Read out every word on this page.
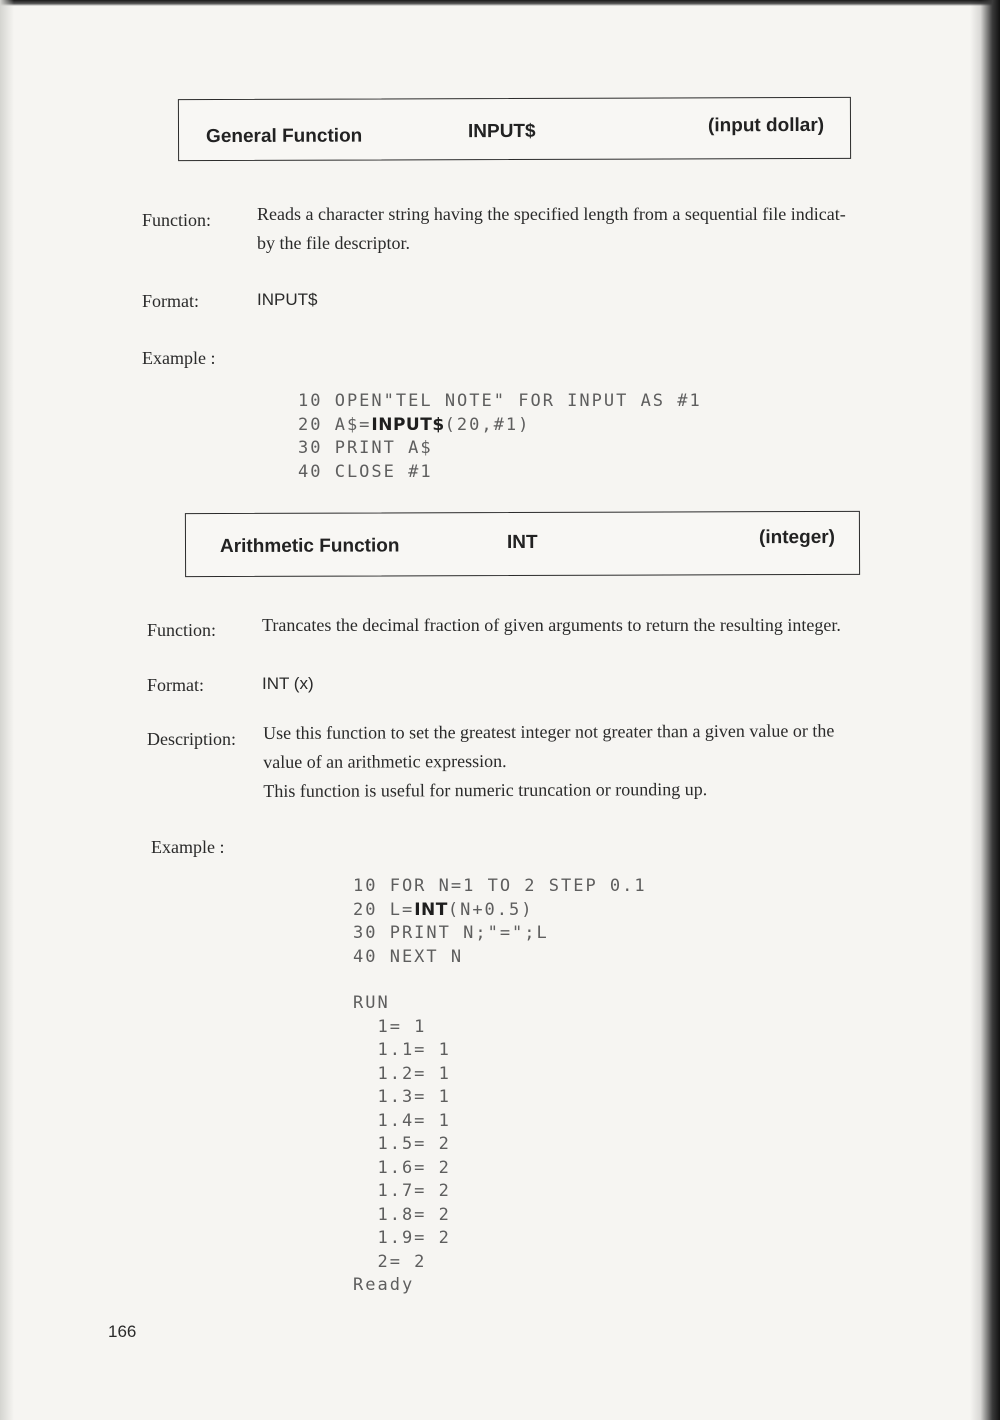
General Function	INPUT$	(input dollar)
Function:	Reads a character string having the specified length from a sequential file indicat-
by the file descriptor.
Format:	INPUT$
Example :
10 OPEN"TEL NOTE" FOR INPUT AS #1
20 A$=INPUT$(20,#1)
30 PRINT A$
40 CLOSE #1
Arithmetic Function	INT	(integer)
Function:	Trancates the decimal fraction of given arguments to return the resulting integer.
Format:	INT (x)
Description: Use this function to set the greatest integer not greater than a given value or the
value of an arithmetic expression.
This function is useful for numeric truncation or rounding up.
Example :
10 FOR N=1 TO 2 STEP 0.1
20 L=INT(N+0.5)
30 PRINT N;"=";L
40 NEXT N
RUN
1= 1
1.1= 1
1.2= 1
1.3= 1
1.4= 1
1.5= 2
1.6= 2
1.7= 2
1.8= 2
1.9= 2
2= 2
Ready
166
